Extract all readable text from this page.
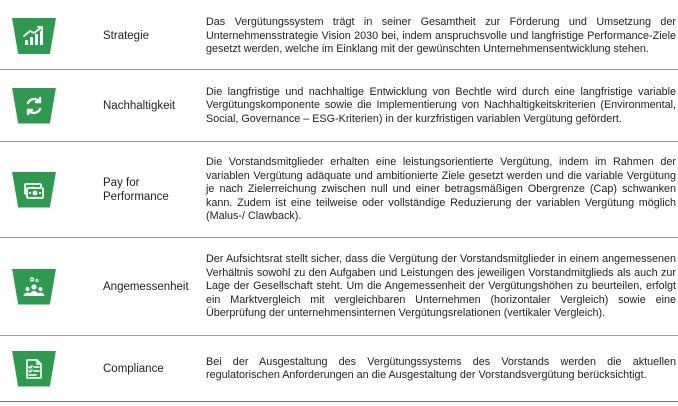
Strategie
Das Vergütungssystem trägt in seiner Gesamtheit zur Förderung und Umsetzung der Unternehmensstrategie Vision 2030 bei, indem anspruchsvolle und langfristige Performance-Ziele gesetzt werden, welche im Einklang mit der gewünschten Unternehmensentwicklung stehen.
Nachhaltigkeit
Die langfristige und nachhaltige Entwicklung von Bechtle wird durch eine langfristige variable Vergütungskomponente sowie die Implementierung von Nachhaltigkeitskriterien (Environmental, Social, Governance – ESG-Kriterien) in der kurzfristigen variablen Vergütung gefördert.
Pay for Performance
Die Vorstandsmitglieder erhalten eine leistungsorientierte Vergütung, indem im Rahmen der variablen Vergütung adäquate und ambitionierte Ziele gesetzt werden und die variable Vergütung je nach Zielerreichung zwischen null und einer betragsmäßigen Obergrenze (Cap) schwanken kann. Zudem ist eine teilweise oder vollständige Reduzierung der variablen Vergütung möglich (Malus-/ Clawback).
Angemessenheit
Der Aufsichtsrat stellt sicher, dass die Vergütung der Vorstandsmitglieder in einem angemessenen Verhältnis sowohl zu den Aufgaben und Leistungen des jeweiligen Vorstandmitglieds als auch zur Lage der Gesellschaft steht. Um die Angemessenheit der Vergütungshöhen zu beurteilen, erfolgt ein Marktvergleich mit vergleichbaren Unternehmen (horizontaler Vergleich) sowie eine Überprüfung der unternehmensinternen Vergütungsrelationen (vertikaler Vergleich).
Compliance
Bei der Ausgestaltung des Vergütungssystems des Vorstands werden die aktuellen regulatorischen Anforderungen an die Ausgestaltung der Vorstandsvergütung berücksichtigt.
